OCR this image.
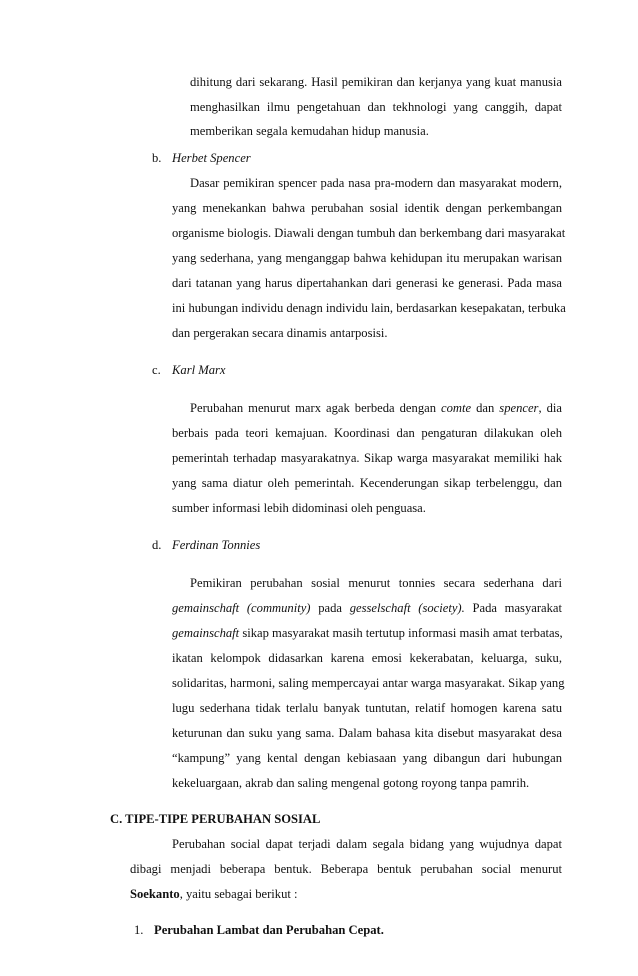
dihitung dari sekarang. Hasil pemikiran dan kerjanya yang kuat manusia
menghasilkan ilmu pengetahuan dan tekhnologi yang canggih, dapat
memberikan segala kemudahan hidup manusia.
b. Herbet Spencer
Dasar pemikiran spencer pada nasa pra-modern dan masyarakat modern,
yang menekankan bahwa perubahan sosial identik dengan perkembangan
organisme biologis. Diawali dengan tumbuh dan berkembang dari masyarakat
yang sederhana, yang menganggap bahwa kehidupan itu merupakan warisan
dari tatanan yang harus dipertahankan dari generasi ke generasi. Pada masa
ini hubungan individu denagn individu lain, berdasarkan kesepakatan, terbuka
dan pergerakan secara dinamis antarposisi.
c. Karl Marx
Perubahan menurut marx agak berbeda dengan comte dan spencer, dia
berbais pada teori kemajuan. Koordinasi dan pengaturan dilakukan oleh
pemerintah terhadap masyarakatnya. Sikap warga masyarakat memiliki hak
yang sama diatur oleh pemerintah. Kecenderungan sikap terbelenggu, dan
sumber informasi lebih didominasi oleh penguasa.
d. Ferdinan Tonnies
Pemikiran perubahan sosial menurut tonnies secara sederhana dari
gemainschaft (community) pada gesselschaft (society). Pada masyarakat
gemainschaft sikap masyarakat masih tertutup informasi masih amat terbatas,
ikatan kelompok didasarkan karena emosi kekerabatan, keluarga, suku,
solidaritas, harmoni, saling mempercayai antar warga masyarakat. Sikap yang
lugu sederhana tidak terlalu banyak tuntutan, relatif homogen karena satu
keturunan dan suku yang sama. Dalam bahasa kita disebut masyarakat desa
“kampung” yang kental dengan kebiasaan yang dibangun dari hubungan
kekeluargaan, akrab dan saling mengenal gotong royong tanpa pamrih.
C. TIPE-TIPE PERUBAHAN SOSIAL
Perubahan social dapat terjadi dalam segala bidang yang wujudnya dapat
dibagi menjadi beberapa bentuk. Beberapa bentuk perubahan social menurut
Soekanto, yaitu sebagai berikut :
1. Perubahan Lambat dan Perubahan Cepat.
